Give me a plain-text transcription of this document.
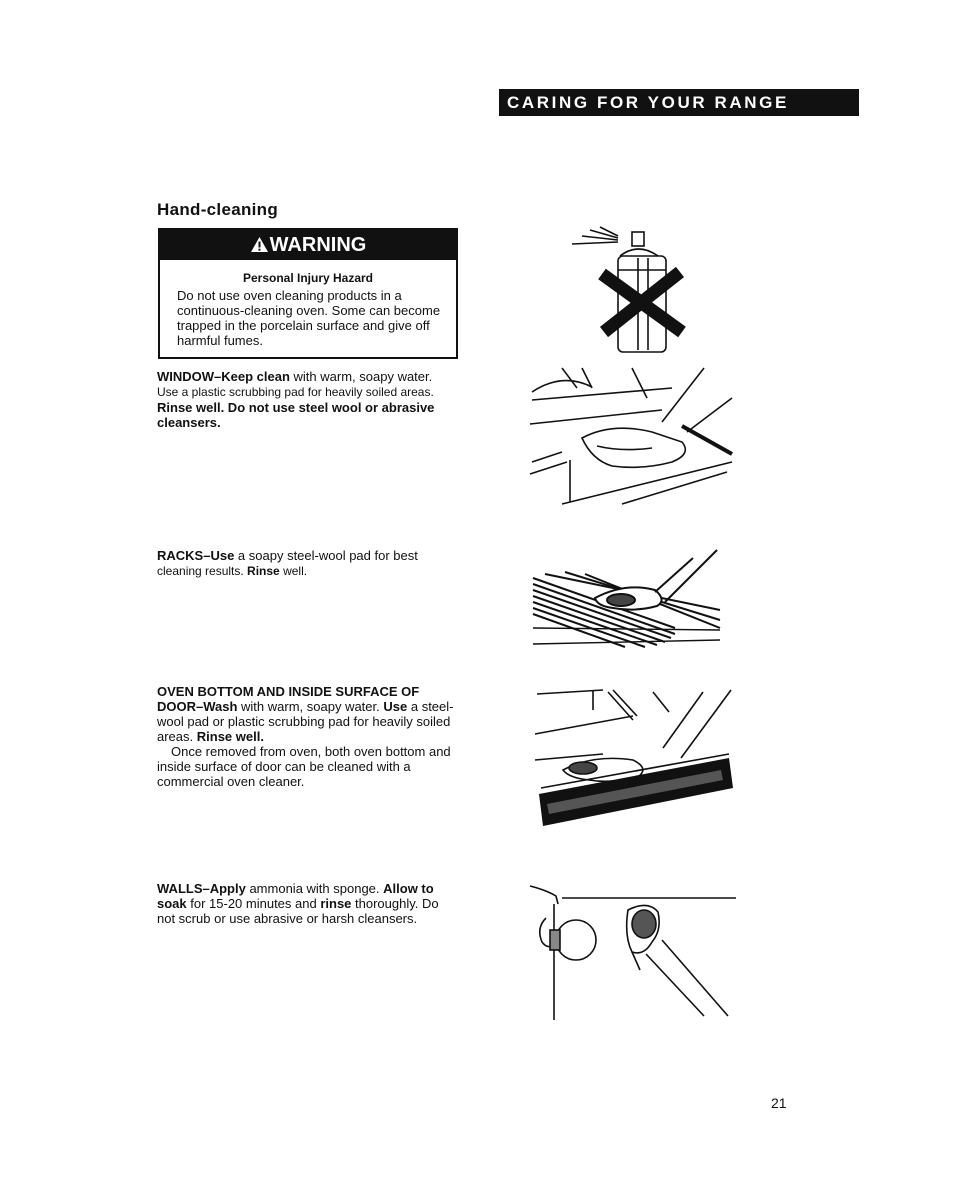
CARING FOR YOUR RANGE
Hand-cleaning
WARNING
Personal Injury Hazard

Do not use oven cleaning products in a continuous-cleaning oven. Some can become trapped in the porcelain surface and give off harmful fumes.

WINDOW–Keep clean with warm, soapy water. Use a plastic scrubbing pad for heavily soiled areas. Rinse well. Do not use steel wool or abrasive cleansers.

RACKS–Use a soapy steel-wool pad for best cleaning results. Rinse well.

OVEN BOTTOM AND INSIDE SURFACE OF DOOR–Wash with warm, soapy water. Use a steel-wool pad or plastic scrubbing pad for heavily soiled areas. Rinse well.
Once removed from oven, both oven bottom and inside surface of door can be cleaned with a commercial oven cleaner.

WALLS–Apply ammonia with sponge. Allow to soak for 15-20 minutes and rinse thoroughly. Do not scrub or use abrasive or harsh cleansers.

21
